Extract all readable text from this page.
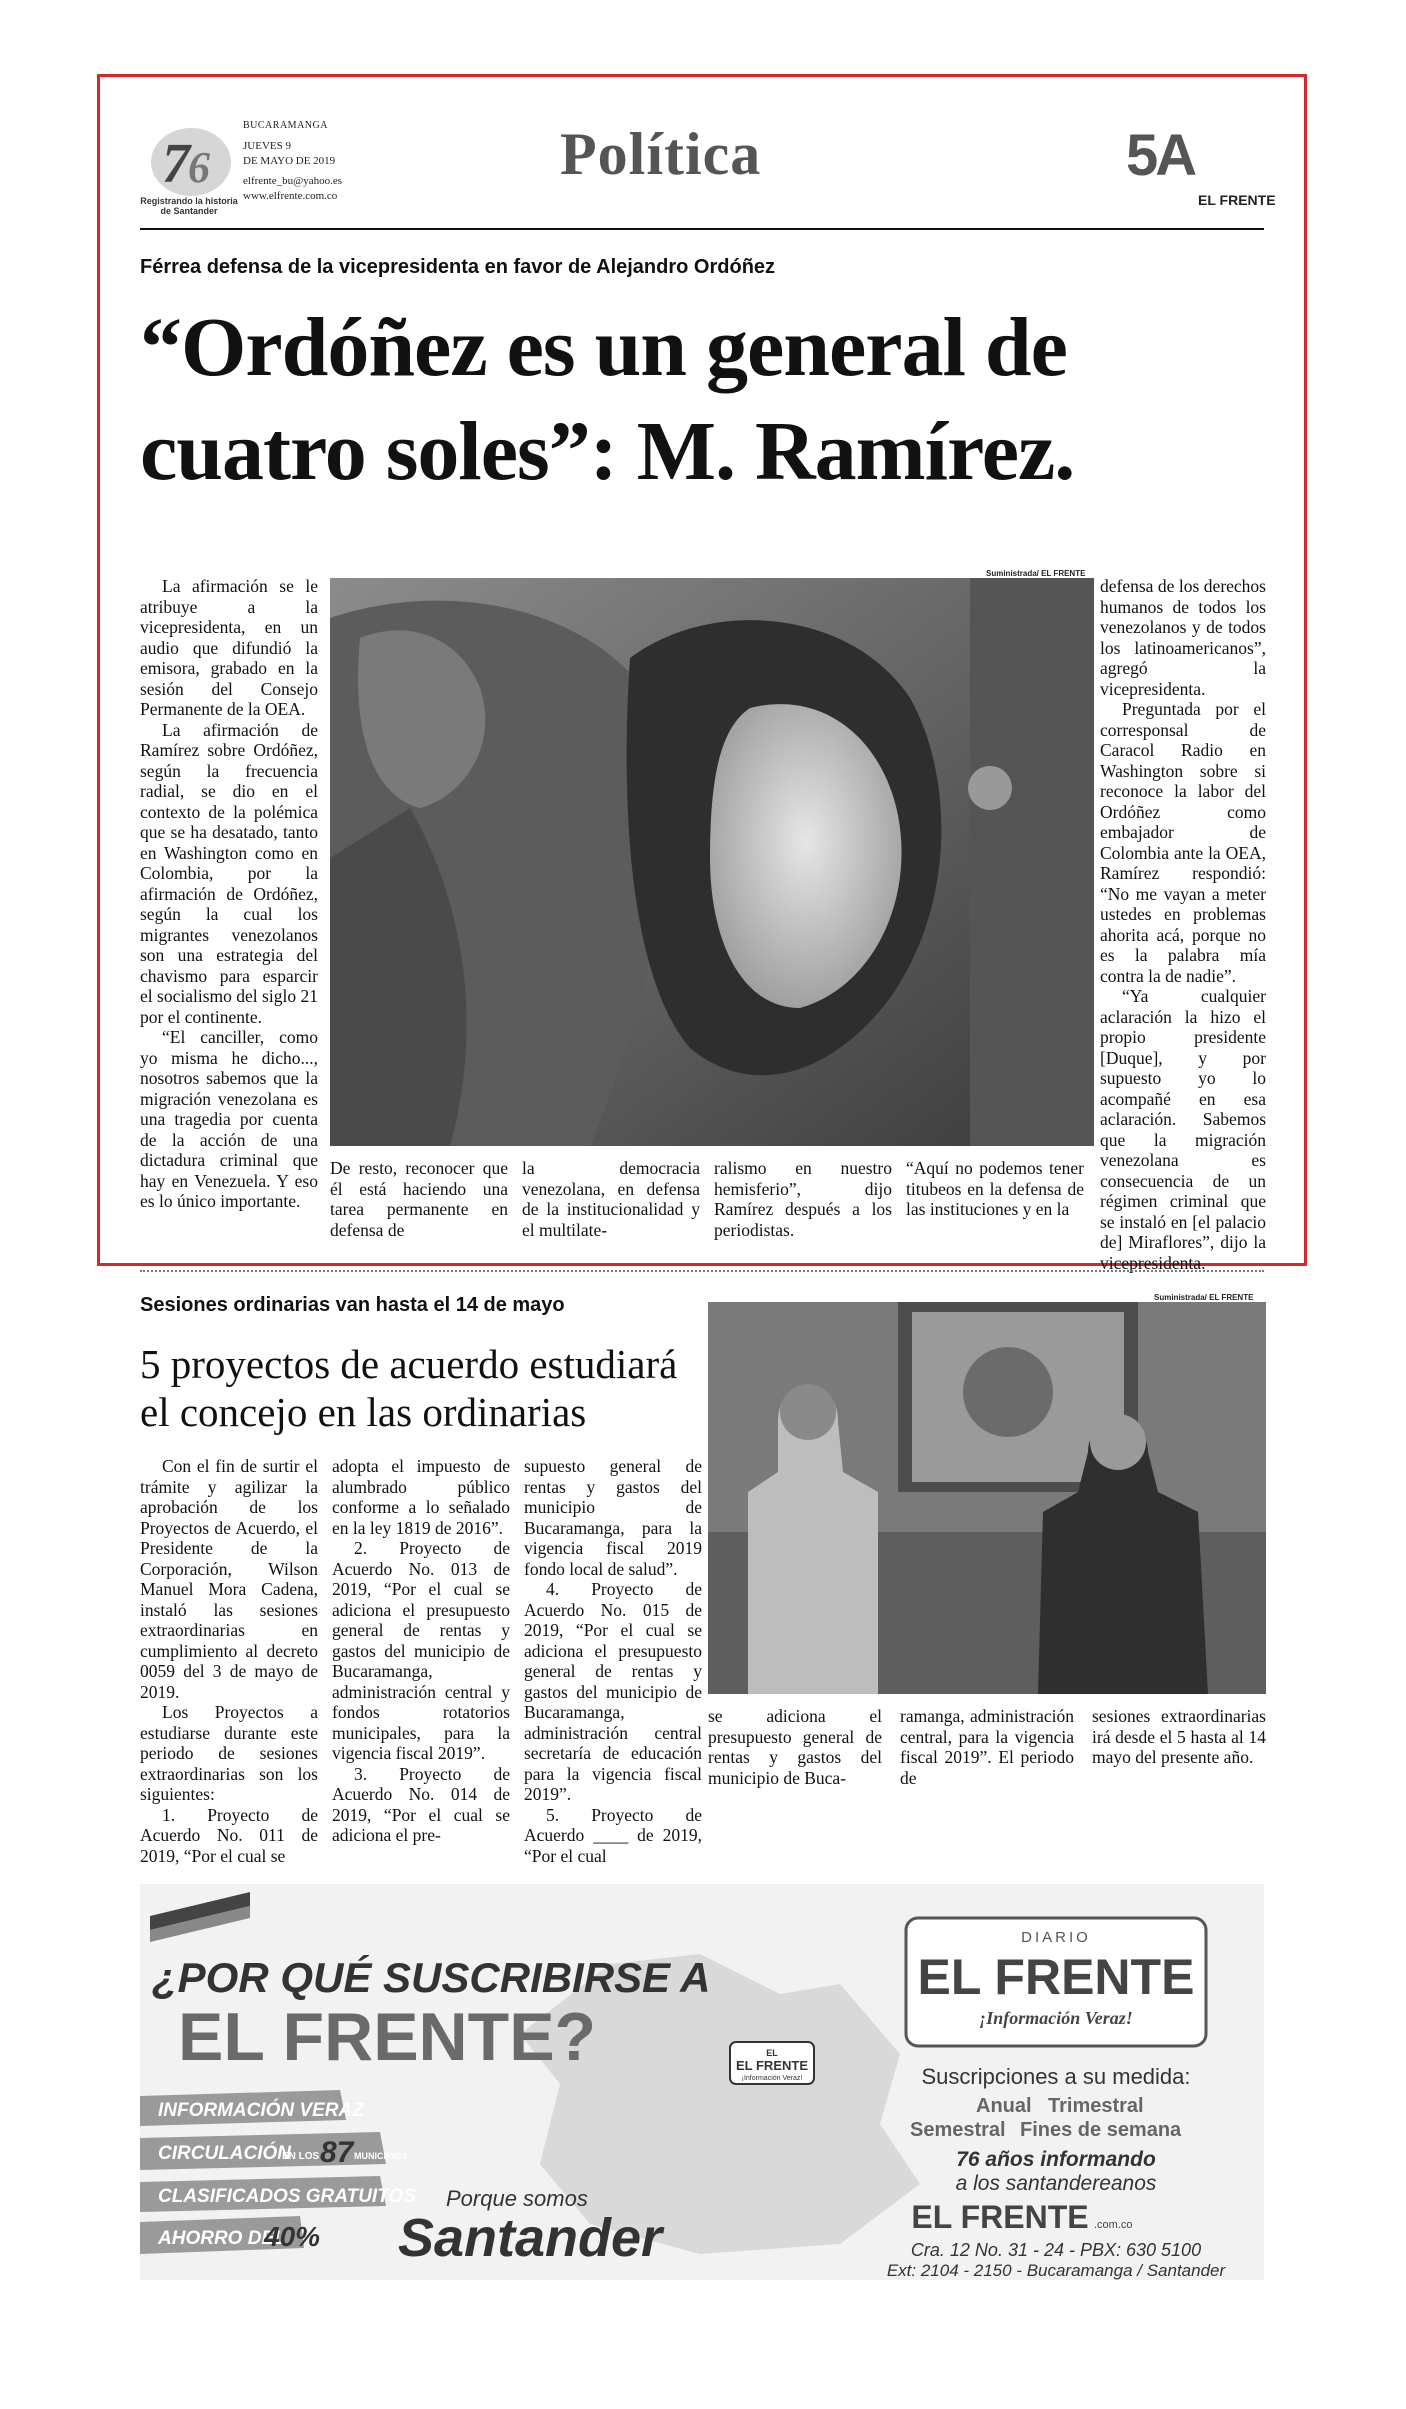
7
6
Registrando la historia de Santander
BUCARAMANGA
JUEVES 9
DE MAYO DE 2019
elfrente_bu@yahoo.es
www.elfrente.com.co
Política	5A
EL FRENTE
Férrea defensa de la vicepresidenta en favor de Alejandro Ordóñez
“Ordóñez es un general de cuatro soles”: M. Ramírez.

La afirmación se le atribuye a la vicepresidenta, en un audio que difundió la emisora, grabado en la sesión del Consejo Permanente de la OEA.

La afirmación de Ramírez sobre Ordóñez, según la frecuencia radial, se dio en el contexto de la polémica que se ha desatado, tanto en Washington como en Colombia, por la afirmación de Ordóñez, según la cual los migrantes venezolanos son una estrategia del chavismo para esparcir el socialismo del siglo 21 por el continente.

“El canciller, como yo misma he dicho..., nosotros sabemos que la migración venezolana es una tragedia por cuenta de la acción de una dictadura criminal que hay en Venezuela. Y eso es lo único importante.

Suministrada/ EL FRENTE
De resto, reconocer que él está haciendo una tarea permanente en defensa de
la democracia venezolana, en defensa de la institucionalidad y el multilate-
ralismo en nuestro hemisferio”, dijo Ramírez después a los periodistas.
“Aquí no podemos tener titubeos en la defensa de las instituciones y en la

defensa de los derechos humanos de todos los venezolanos y de todos los latinoamericanos”, agregó la vicepresidenta.

Preguntada por el corresponsal de Caracol Radio en Washington sobre si reconoce la labor del Ordóñez como embajador de Colombia ante la OEA, Ramírez respondió: “No me vayan a meter ustedes en problemas ahorita acá, porque no es la palabra mía contra la de nadie”.

“Ya cualquier aclaración la hizo el propio presidente [Duque], y por supuesto yo lo acompañé en esa aclaración. Sabemos que la migración venezolana es consecuencia de un régimen criminal que se instaló en [el palacio de] Miraflores”, dijo la vicepresidenta.

Sesiones ordinarias van hasta el 14 de mayo
5 proyectos de acuerdo estudiará el concejo en las ordinarias
Suministrada/ EL FRENTE

Con el fin de surtir el trámite y agilizar la aprobación de los Proyectos de Acuerdo, el Presidente de la Corporación, Wilson Manuel Mora Cadena, instaló las sesiones extraordinarias en cumplimiento al decreto 0059 del 3 de mayo de 2019.

Los Proyectos a estudiarse durante este periodo de sesiones extraordinarias son los siguientes:

1. Proyecto de Acuerdo No. 011 de 2019, “Por el cual se

adopta el impuesto de alumbrado público conforme a lo señalado en la ley 1819 de 2016”.

2. Proyecto de Acuerdo No. 013 de 2019, “Por el cual se adiciona el presupuesto general de rentas y gastos del municipio de Bucaramanga, administración central y fondos rotatorios municipales, para la vigencia fiscal 2019”.

3. Proyecto de Acuerdo No. 014 de 2019, “Por el cual se adiciona el pre-

supuesto general de rentas y gastos del municipio de Bucaramanga, para la vigencia fiscal 2019 fondo local de salud”.

4. Proyecto de Acuerdo No. 015 de 2019, “Por el cual se adiciona el presupuesto general de rentas y gastos del municipio de Bucaramanga, administración central secretaría de educación para la vigencia fiscal 2019”.

5. Proyecto de Acuerdo ____ de 2019, “Por el cual

se adiciona el presupuesto general de rentas y gastos del municipio de Buca-
ramanga, administración central, para la vigencia fiscal 2019”. El periodo de
sesiones extraordinarias irá desde el 5 hasta al 14 mayo del presente año.
¿POR QUÉ SUSCRIBIRSE A
EL FRENTE?
INFORMACIÓN VERAZ
CIRCULACIÓN
EN LOS 87 MUNICIPIOS
CLASIFICADOS GRATUITOS
AHORRO DEL
40%
Porque somos
Santander
EL
EL FRENTE
¡Información Veraz!
DIARIO
EL FRENTE
¡Información Veraz!
Suscripciones a su medida:
Anual Trimestral
Semestral Fines de semana
76 años informando
a los santandereanos
EL FRENTE .com.co
Cra. 12 No. 31 - 24 - PBX: 630 5100
Ext: 2104 - 2150 - Bucaramanga / Santander
